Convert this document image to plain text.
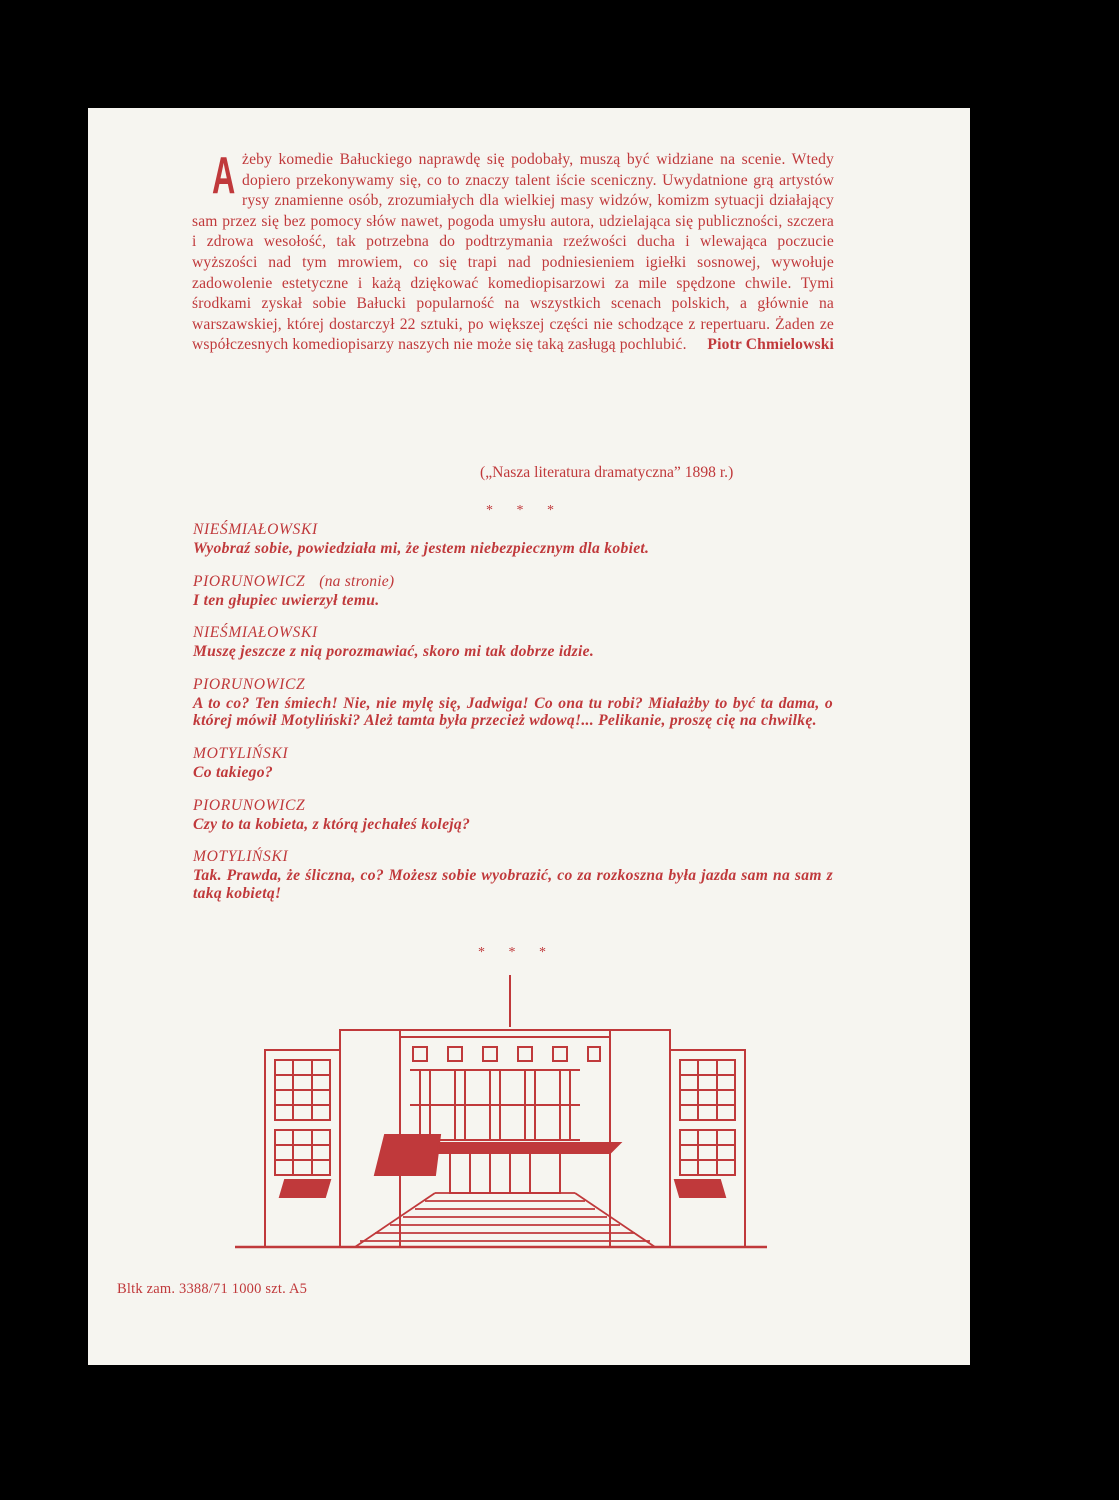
A żeby komedie Bałuckiego naprawdę się podobały, muszą być widziane na scenie. Wtedy dopiero przekonywamy się, co to znaczy talent iście sceniczny. Uwydatnione grą artystów rysy znamienne osób, zrozumiałych dla wielkiej masy widzów, komizm sytuacji działający sam przez się bez pomocy słów nawet, pogoda umysłu autora, udzielająca się publiczności, szczera i zdrowa wesołość, tak potrzebna do podtrzymania rzeźwości ducha i wlewająca poczucie wyższości nad tym mrowiem, co się trapi nad podniesieniem igiełki sosnowej, wywołuje zadowolenie estetyczne i każą dziękować komediopisarzowi za mile spędzone chwile. Tymi środkami zyskał sobie Bałucki popularność na wszystkich scenach polskich, a głównie na warszawskiej, której dostarczył 22 sztuki, po większej części nie schodzące z repertuaru. Żaden ze współczesnych komediopisarzy naszych nie może się taką zasługą pochlubić. Piotr Chmielowski
(„Nasza literatura dramatyczna” 1898 r.)
* * *
NIEŚMIAŁOWSKI
Wyobraź sobie, powiedziała mi, że jestem niebezpiecznym dla kobiet.
PIORUNOWICZ (na stronie)
I ten głupiec uwierzył temu.
NIEŚMIAŁOWSKI
Muszę jeszcze z nią porozmawiać, skoro mi tak dobrze idzie.
PIORUNOWICZ
A to co? Ten śmiech! Nie, nie mylę się, Jadwiga! Co ona tu robi? Miałażby to być ta dama, o której mówił Motyliński? Ależ tamta była przecież wdową!... Pelikanie, proszę cię na chwilkę.
MOTYLIŃSKI
Co takiego?
PIORUNOWICZ
Czy to ta kobieta, z którą jechałeś koleją?
MOTYLIŃSKI
Tak. Prawda, że śliczna, co? Możesz sobie wyobrazić, co za rozkoszna była jazda sam na sam z taką kobietą!
* * *
Bltk zam. 3388/71 1000 szt. A5
